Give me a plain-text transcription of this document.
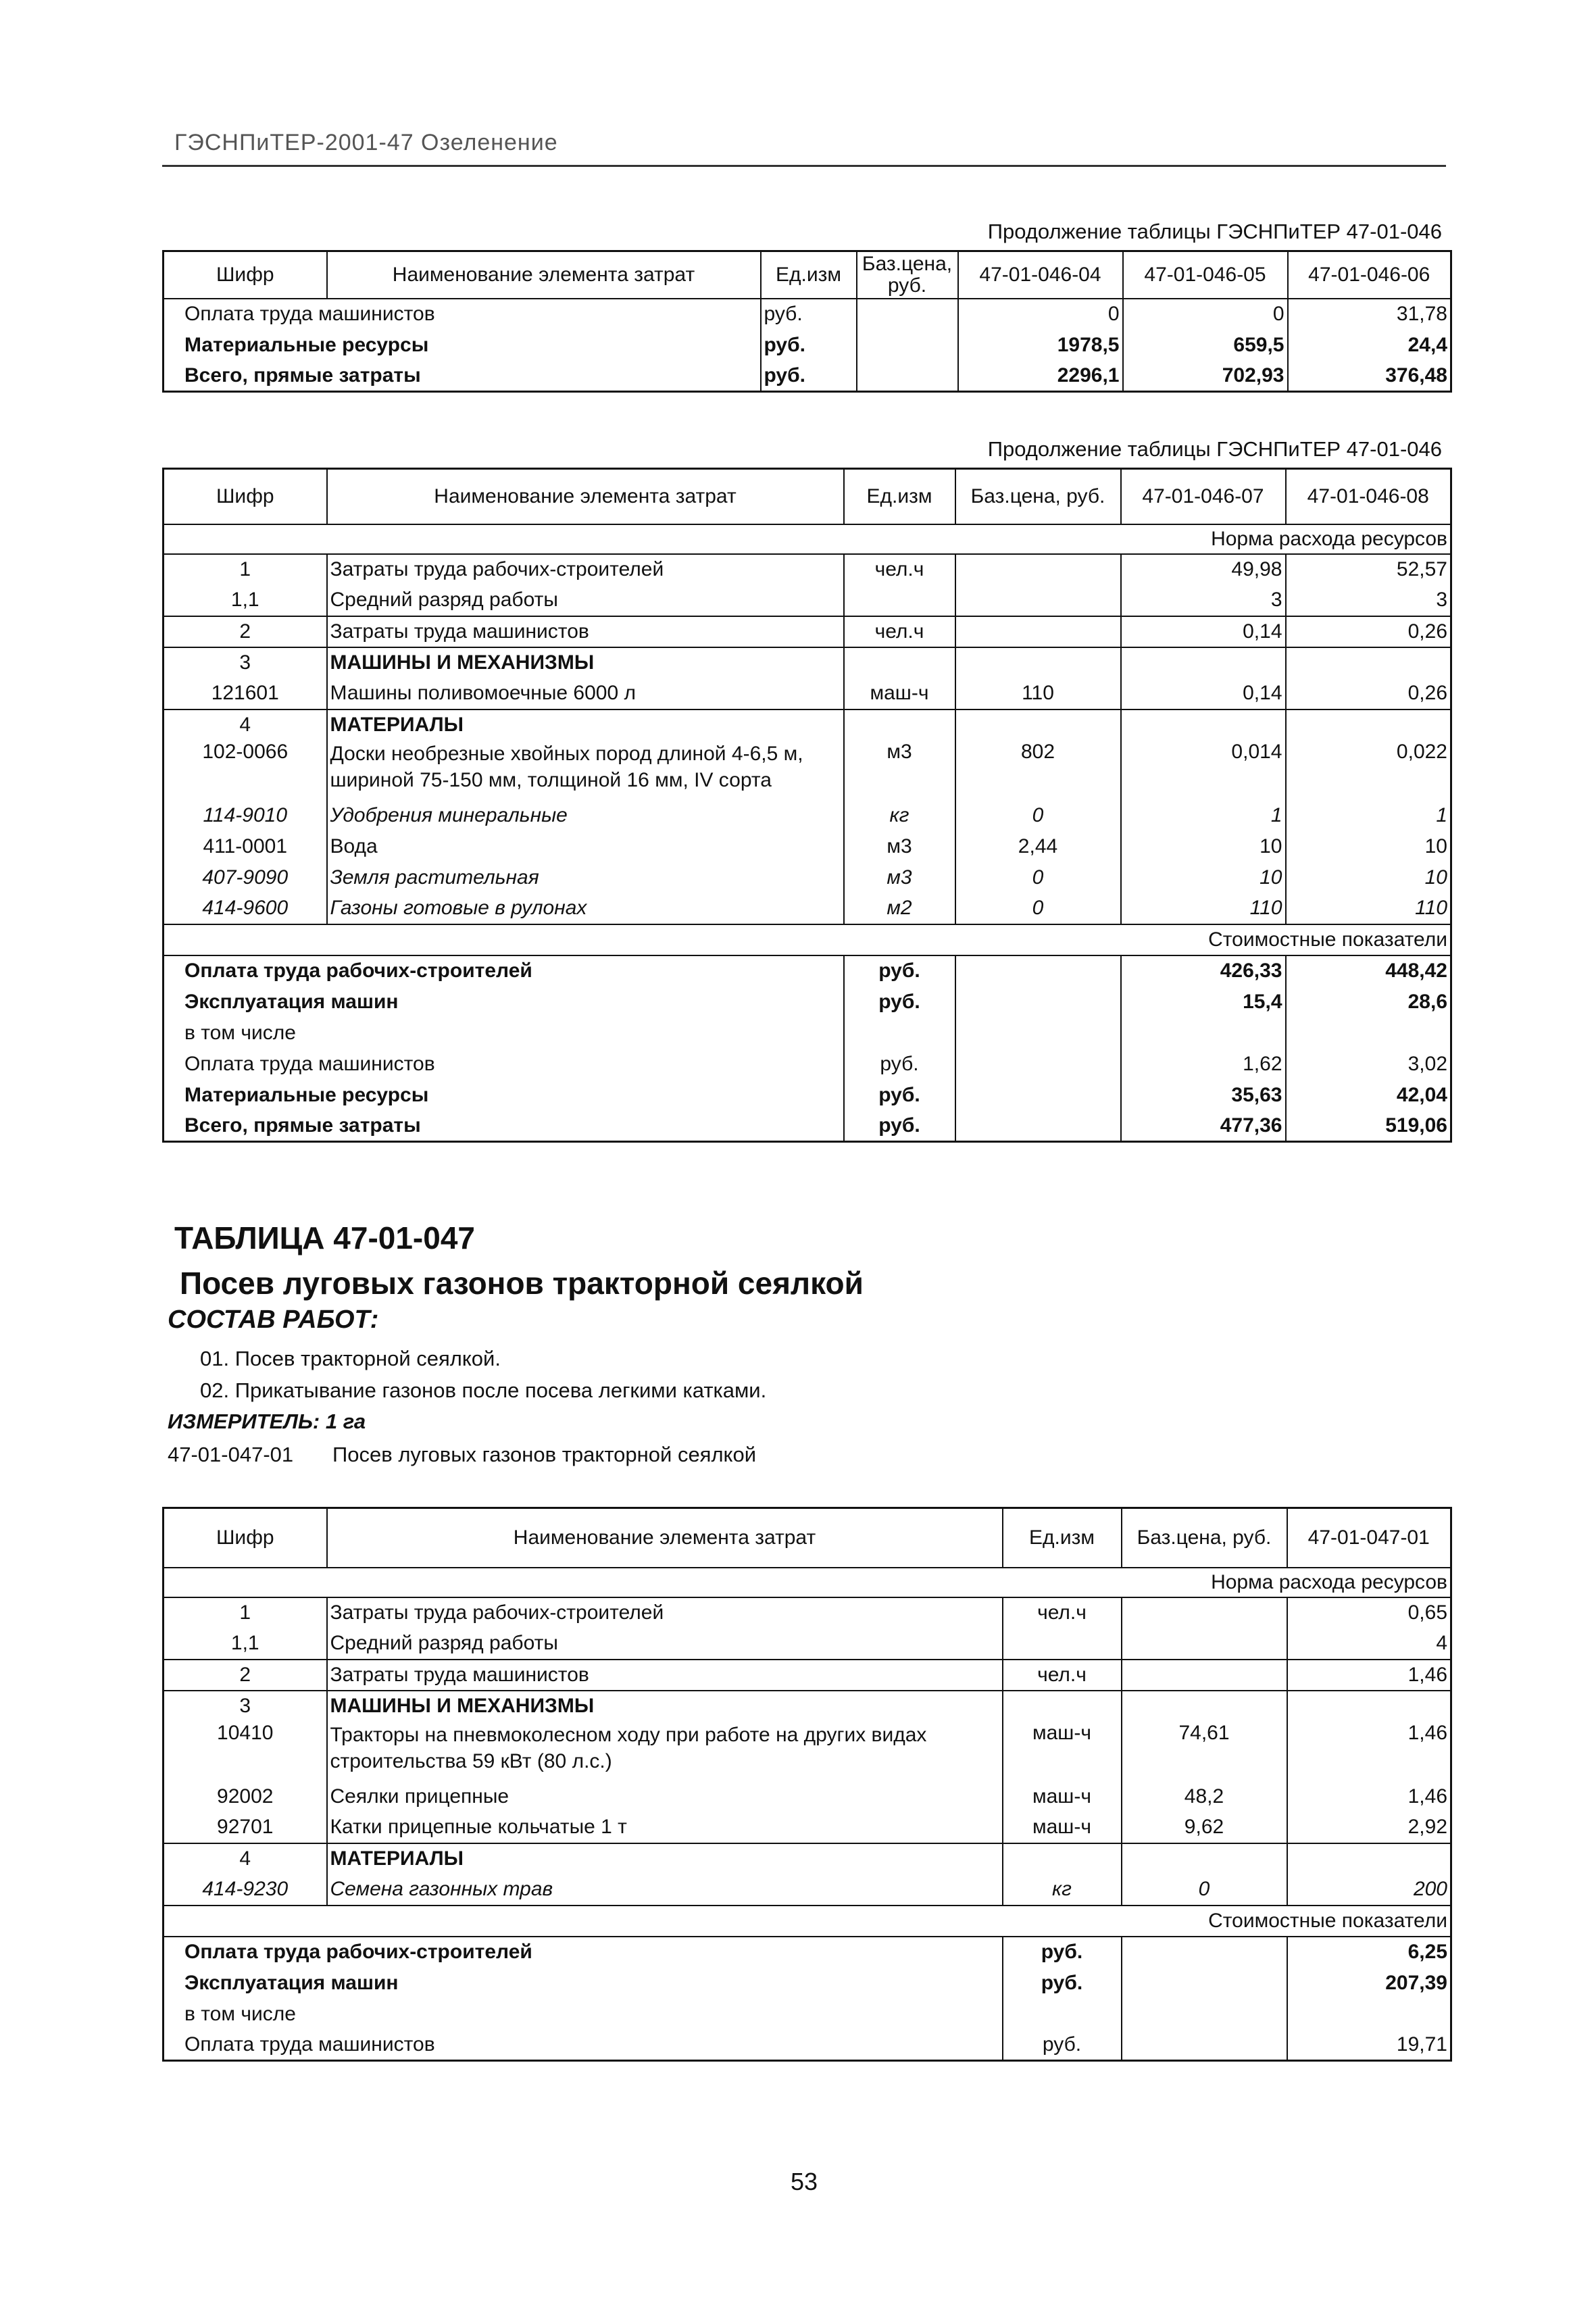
ГЭСНПиТЕР-2001-47 Озеленение
Продолжение таблицы ГЭСНПиТЕР 47-01-046
Шифр	Наименование элемента затрат	Ед.изм	Баз.цена, руб.	47-01-046-04	47-01-046-05	47-01-046-06
Оплата труда машинистов		руб.		0	0	31,78
Материальные ресурсы		руб.		1978,5	659,5	24,4
Всего, прямые затраты		руб.		2296,1	702,93	376,48
Продолжение таблицы ГЭСНПиТЕР 47-01-046
Шифр	Наименование элемента затрат	Ед.изм	Баз.цена, руб.	47-01-046-07	47-01-046-08
Норма расхода ресурсов					
1	Затраты труда рабочих-строителей	чел.ч		49,98	52,57
1,1	Средний разряд работы			3	3
2	Затраты труда машинистов	чел.ч		0,14	0,26
3	МАШИНЫ И МЕХАНИЗМЫ				
121601	Машины поливомоечные 6000 л	маш-ч	110	0,14	0,26
4	МАТЕРИАЛЫ				
102-0066	Доски необрезные хвойных пород длиной 4-6,5 м, шириной 75-150 мм, толщиной 16 мм, IV сорта	м3	802	0,014	0,022
114-9010	Удобрения минеральные	кг	0	1	1
411-0001	Вода	м3	2,44	10	10
407-9090	Земля растительная	м3	0	10	10
414-9600	Газоны готовые в рулонах	м2	0	110	110
Стоимостные показатели					
Оплата труда рабочих-строителей		руб.		426,33	448,42
Эксплуатация машин		руб.		15,4	28,6
в том числе					
Оплата труда машинистов		руб.		1,62	3,02
Материальные ресурсы		руб.		35,63	42,04
Всего, прямые затраты		руб.		477,36	519,06
ТАБЛИЦА 47-01-047
Посев луговых газонов тракторной сеялкой
СОСТАВ РАБОТ:
01. Посев тракторной сеялкой.
02. Прикатывание газонов после посева легкими катками.
ИЗМЕРИТЕЛЬ: 1 га
47-01-047-01 Посев луговых газонов тракторной сеялкой
Шифр	Наименование элемента затрат	Ед.изм	Баз.цена, руб.	47-01-047-01
Норма расхода ресурсов				
1	Затраты труда рабочих-строителей	чел.ч		0,65
1,1	Средний разряд работы			4
2	Затраты труда машинистов	чел.ч		1,46
3	МАШИНЫ И МЕХАНИЗМЫ			
10410	Тракторы на пневмоколесном ходу при работе на других видах строительства 59 кВт (80 л.с.)	маш-ч	74,61	1,46
92002	Сеялки прицепные	маш-ч	48,2	1,46
92701	Катки прицепные кольчатые 1 т	маш-ч	9,62	2,92
4	МАТЕРИАЛЫ			
414-9230	Семена газонных трав	кг	0	200
Стоимостные показатели				
Оплата труда рабочих-строителей		руб.		6,25
Эксплуатация машин		руб.		207,39
в том числе				
Оплата труда машинистов		руб.		19,71
53
